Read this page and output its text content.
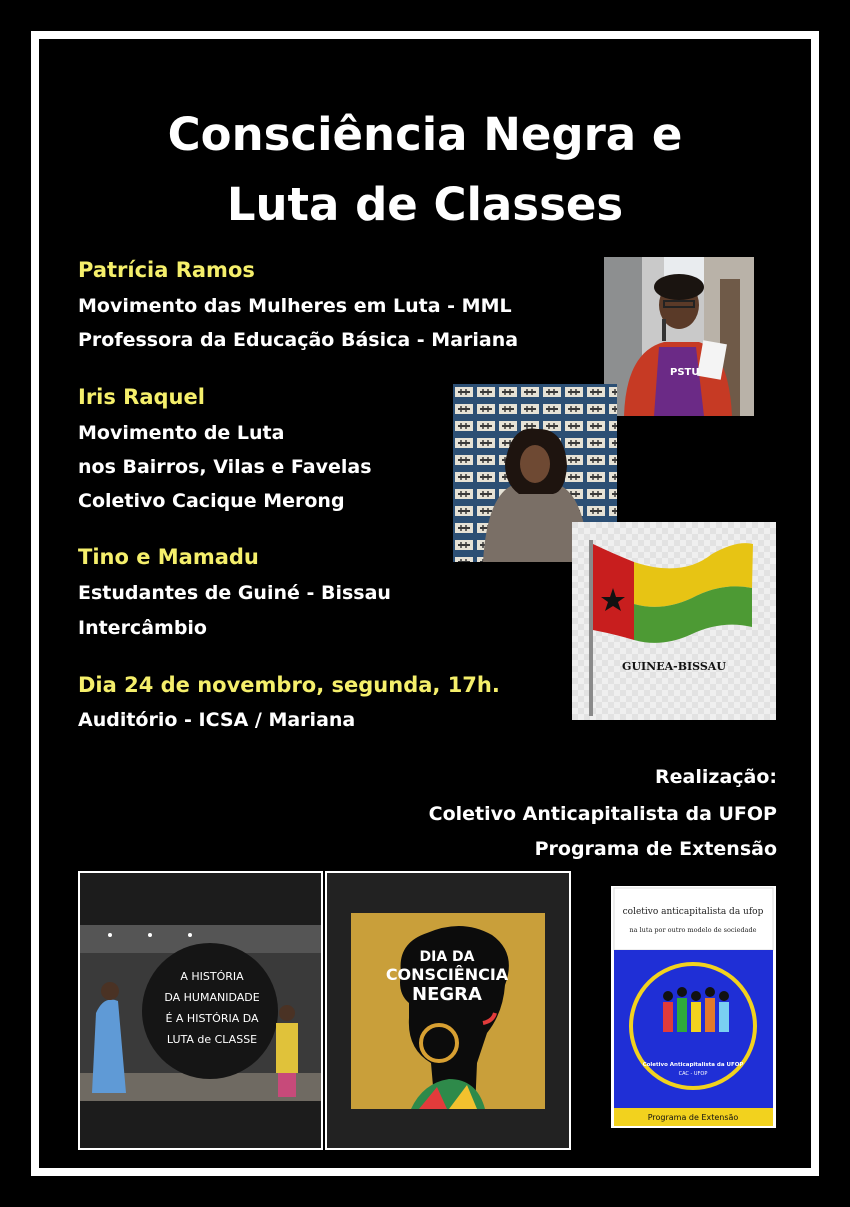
Consciência Negra e
Luta de Classes
Patrícia Ramos
Movimento das Mulheres em Luta - MML
Professora da Educação Básica - Mariana
Iris Raquel
Movimento de Luta
nos Bairros, Vilas e Favelas
Coletivo Cacique Merong
Tino e Mamadu
Estudantes de Guiné - Bissau
Intercâmbio
Dia 24 de novembro, segunda, 17h.
Auditório - ICSA / Mariana
Realização:
Coletivo Anticapitalista da UFOP
Programa de Extensão
PSTU
GUINEA-BISSAU
A HISTÓRIA
DA HUMANIDADE
É A HISTÓRIA DA
LUTA de CLASSE
DIA DA
CONSCIÊNCIA
NEGRA
coletivo anticapitalista da ufop
na luta por outro modelo de sociedade
Coletivo Anticapitalista da UFOP
CAC - UFOP
Programa de Extensão
